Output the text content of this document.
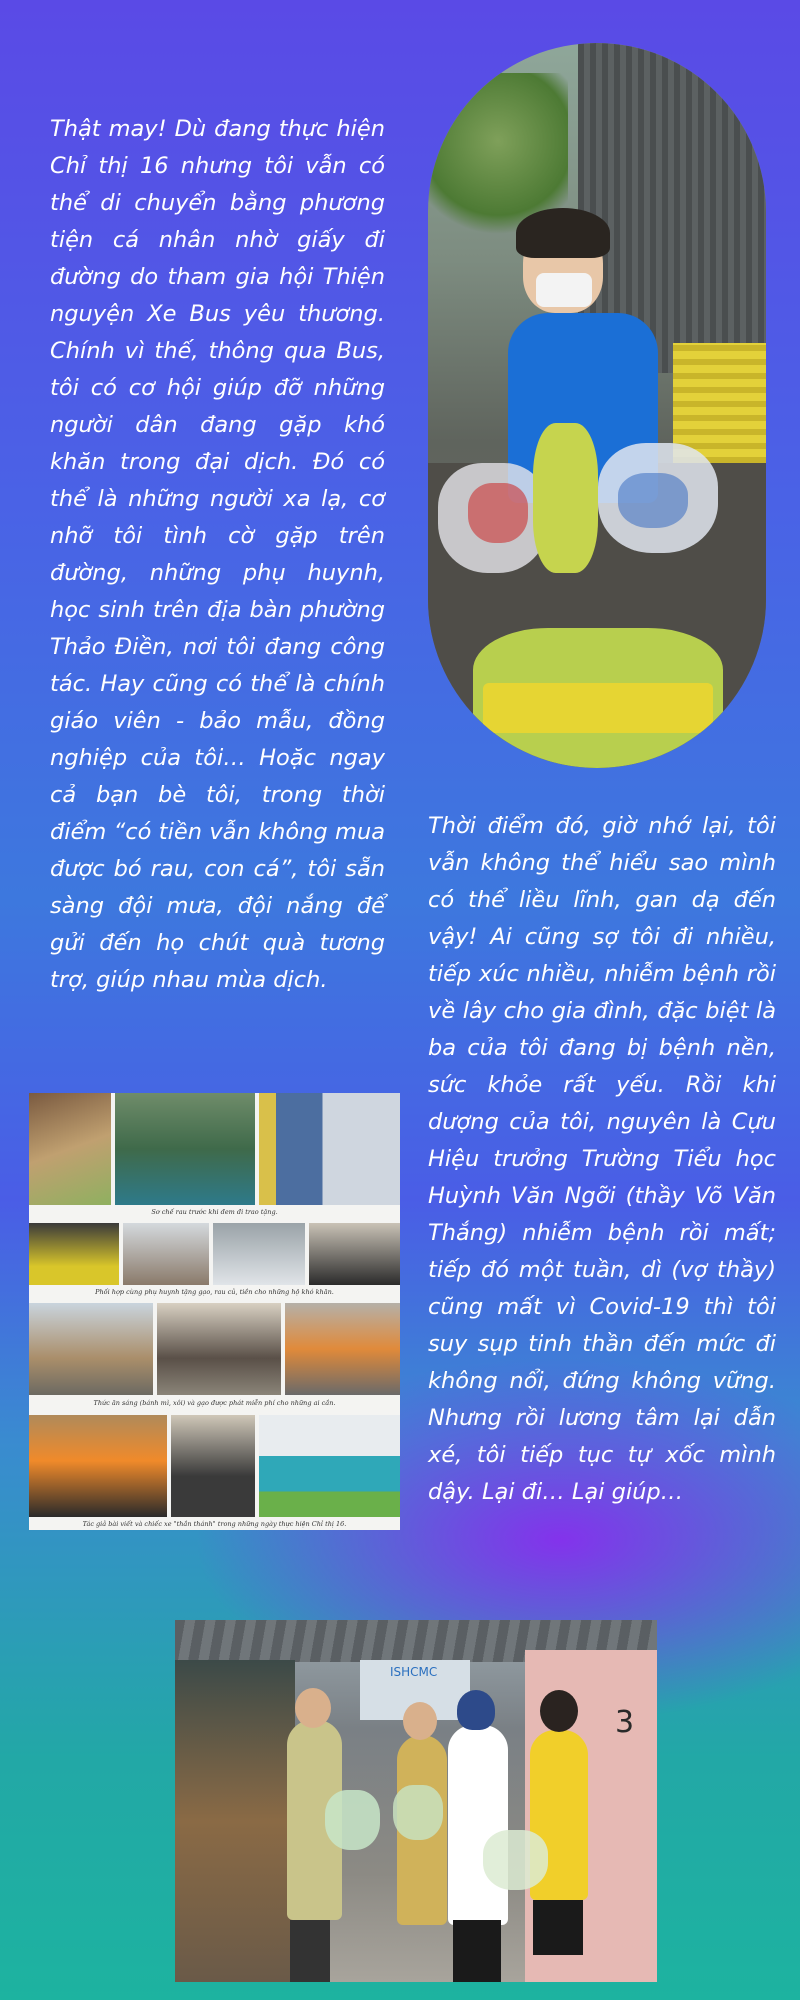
Thật may! Dù đang thực hiện Chỉ thị 16 nhưng tôi vẫn có thể di chuyển bằng phương tiện cá nhân nhờ giấy đi đường do tham gia hội Thiện nguyện Xe Bus yêu thương. Chính vì thế, thông qua Bus, tôi có cơ hội giúp đỡ những người dân đang gặp khó khăn trong đại dịch. Đó có thể là những người xa lạ, cơ nhỡ tôi tình cờ gặp trên đường, những phụ huynh, học sinh trên địa bàn phường Thảo Điền, nơi tôi đang công tác. Hay cũng có thể là chính giáo viên - bảo mẫu, đồng nghiệp của tôi… Hoặc ngay cả bạn bè tôi, trong thời điểm “có tiền vẫn không mua được bó rau, con cá”, tôi sẵn sàng đội mưa, đội nắng để gửi đến họ chút quà tương trợ, giúp nhau mùa dịch.

Sơ chế rau trước khi đem đi trao tặng.
Phối hợp cùng phụ huynh tặng gạo, rau củ, tiền cho những hộ khó khăn.
Thức ăn sáng (bánh mì, xôi) và gạo được phát miễn phí cho những ai cần.
Tác giả bài viết và chiếc xe "thần thánh" trong những ngày thực hiện Chỉ thị 16.

Thời điểm đó, giờ nhớ lại, tôi vẫn không thể hiểu sao mình có thể liều lĩnh, gan dạ đến vậy! Ai cũng sợ tôi đi nhiều, tiếp xúc nhiều, nhiễm bệnh rồi về lây cho gia đình, đặc biệt là ba của tôi đang bị bệnh nền, sức khỏe rất yếu. Rồi khi dượng của tôi, nguyên là Cựu Hiệu trưởng Trường Tiểu học Huỳnh Văn Ngỡi (thầy Võ Văn Thắng) nhiễm bệnh rồi mất; tiếp đó một tuần, dì (vợ thầy) cũng mất vì Covid-19 thì tôi suy sụp tinh thần đến mức đi không nổi, đứng không vững. Nhưng rồi lương tâm lại dẫn xé, tôi tiếp tục tự xốc mình dậy. Lại đi… Lại giúp…

ISHCMC
3
